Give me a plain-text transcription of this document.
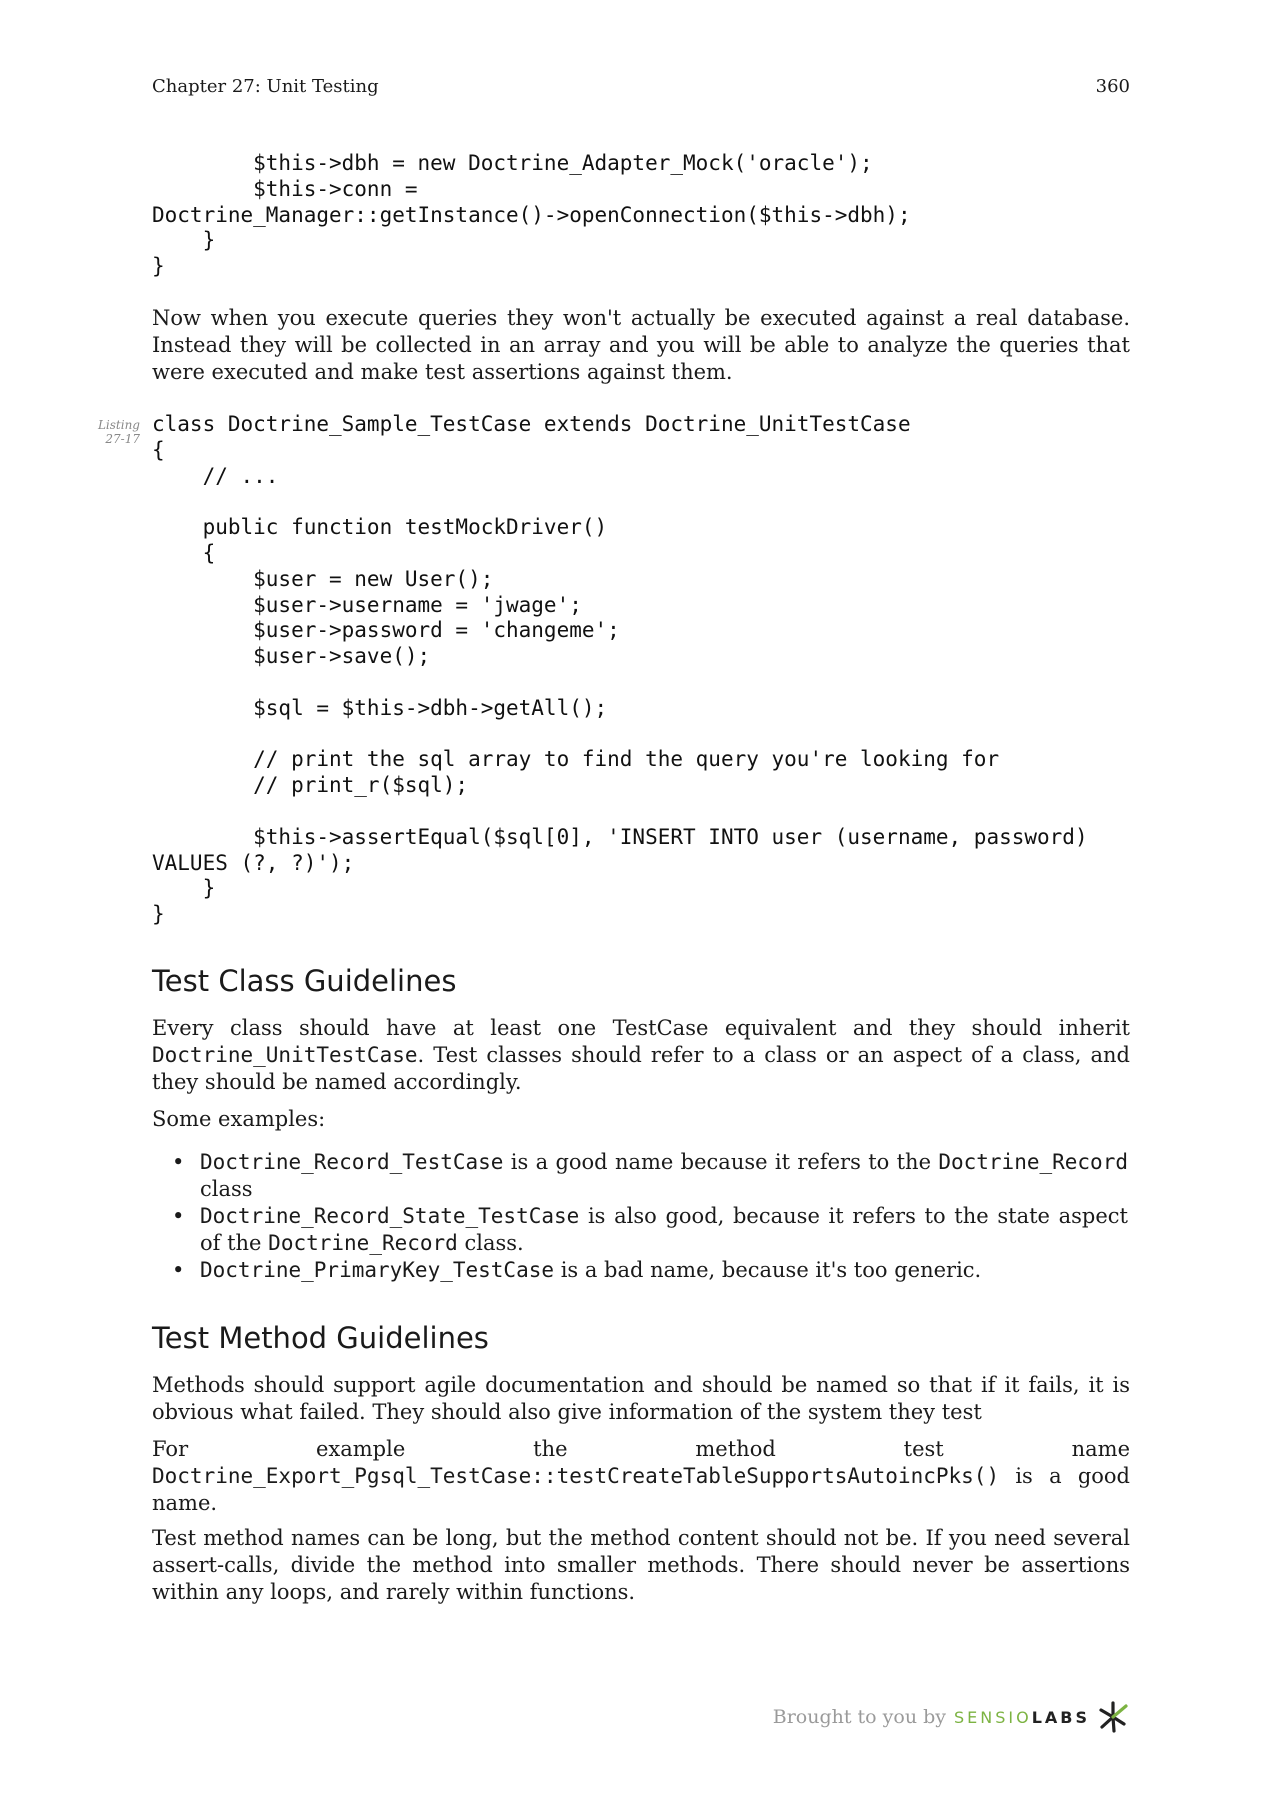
Chapter 27: Unit Testing	360
$this->dbh = new Doctrine_Adapter_Mock('oracle');
$this->conn =
Doctrine_Manager::getInstance()->openConnection($this->dbh);
}
}

Now when you execute queries they won't actually be executed against a real database. Instead they will be collected in an array and you will be able to analyze the queries that were executed and make test assertions against them.

Listing
27-17
class Doctrine_Sample_TestCase extends Doctrine_UnitTestCase
{
// ...

public function testMockDriver()
{
$user = new User();
$user->username = 'jwage';
$user->password = 'changeme';
$user->save();

$sql = $this->dbh->getAll();

// print the sql array to find the query you're looking for
// print_r($sql);

$this->assertEqual($sql[0], 'INSERT INTO user (username, password)
VALUES (?, ?)');
}
}
Test Class Guidelines

Every class should have at least one TestCase equivalent and they should inherit Doctrine_UnitTestCase. Test classes should refer to a class or an aspect of a class, and they should be named accordingly.

Some examples:

• Doctrine_Record_TestCase is a good name because it refers to the Doctrine_Record class
• Doctrine_Record_State_TestCase is also good, because it refers to the state aspect of the Doctrine_Record class.
• Doctrine_PrimaryKey_TestCase is a bad name, because it's too generic.
Test Method Guidelines

Methods should support agile documentation and should be named so that if it fails, it is obvious what failed. They should also give information of the system they test

For example the method test name Doctrine_Export_Pgsql_TestCase::testCreateTableSupportsAutoincPks() is a good name.

Test method names can be long, but the method content should not be. If you need several assert-calls, divide the method into smaller methods. There should never be assertions within any loops, and rarely within functions.

Brought to you by SENSIOLABS
